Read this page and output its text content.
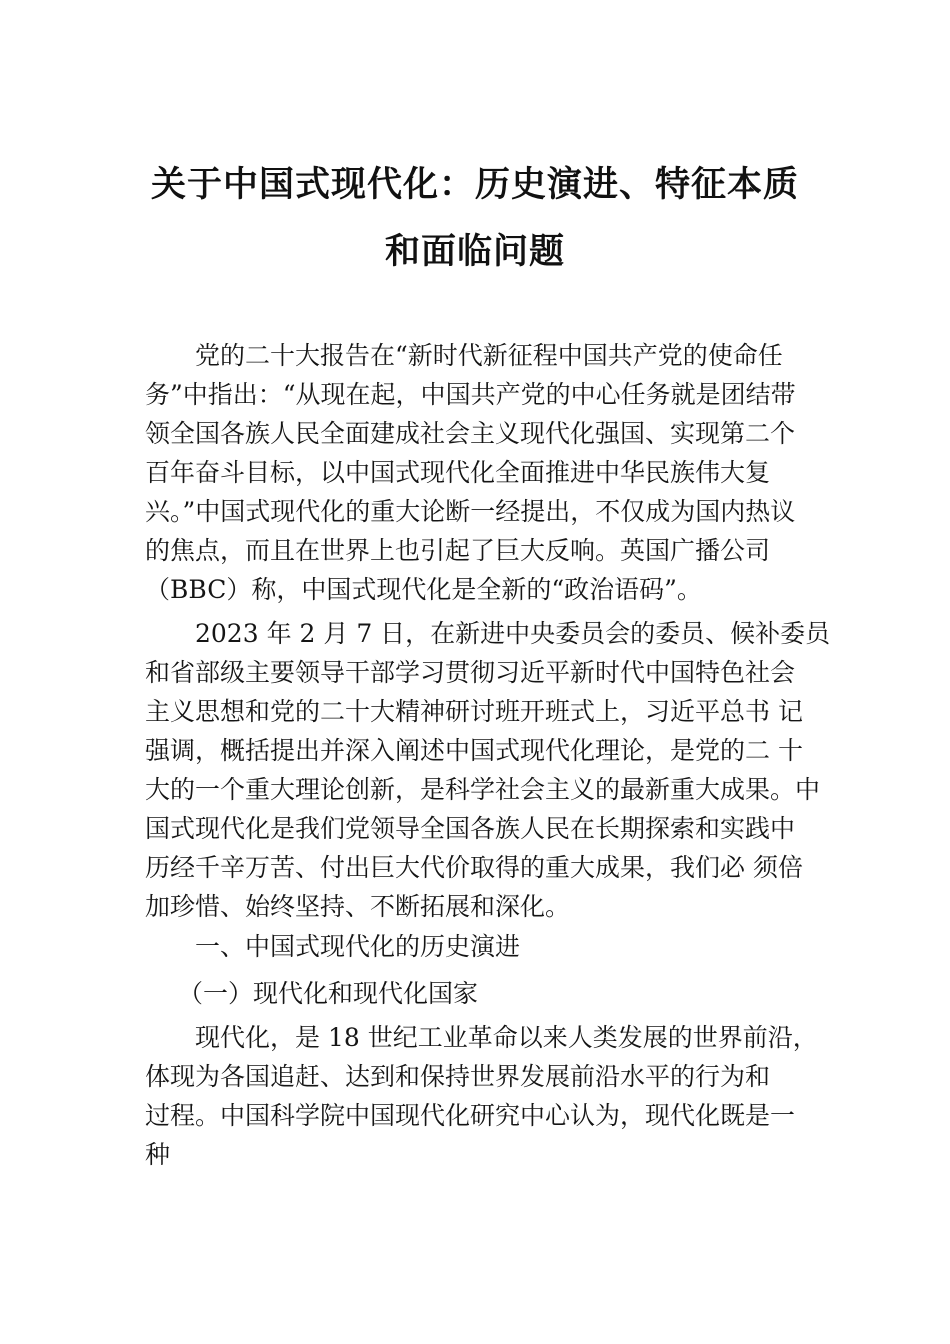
关于中国式现代化：历史演进、特征本质
和面临问题
　　党的二十大报告在“新时代新征程中国共产党的使命任
务”中指出：“从现在起，中国共产党的中心任务就是团结带
领全国各族人民全面建成社会主义现代化强国、实现第二个
百年奋斗目标，以中国式现代化全面推进中华民族伟大复
兴。”中国式现代化的重大论断一经提出，不仅成为国内热议
的焦点，而且在世界上也引起了巨大反响。英国广播公司
（BBC）称，中国式现代化是全新的“政治语码”。
　　2023 年 2 月 7 日，在新进中央委员会的委员、候补委员
和省部级主要领导干部学习贯彻习近平新时代中国特色社会
主义思想和党的二十大精神研讨班开班式上，习近平总书 记
强调，概括提出并深入阐述中国式现代化理论，是党的二 十
大的一个重大理论创新，是科学社会主义的最新重大成果。中
国式现代化是我们党领导全国各族人民在长期探索和实践中
历经千辛万苦、付出巨大代价取得的重大成果，我们必 须倍
加珍惜、始终坚持、不断拓展和深化。
　　一、中国式现代化的历史演进
　 （一）现代化和现代化国家
　　现代化，是 18 世纪工业革命以来人类发展的世界前沿，
体现为各国追赶、达到和保持世界发展前沿水平的行为和
过程。中国科学院中国现代化研究中心认为，现代化既是一
种
